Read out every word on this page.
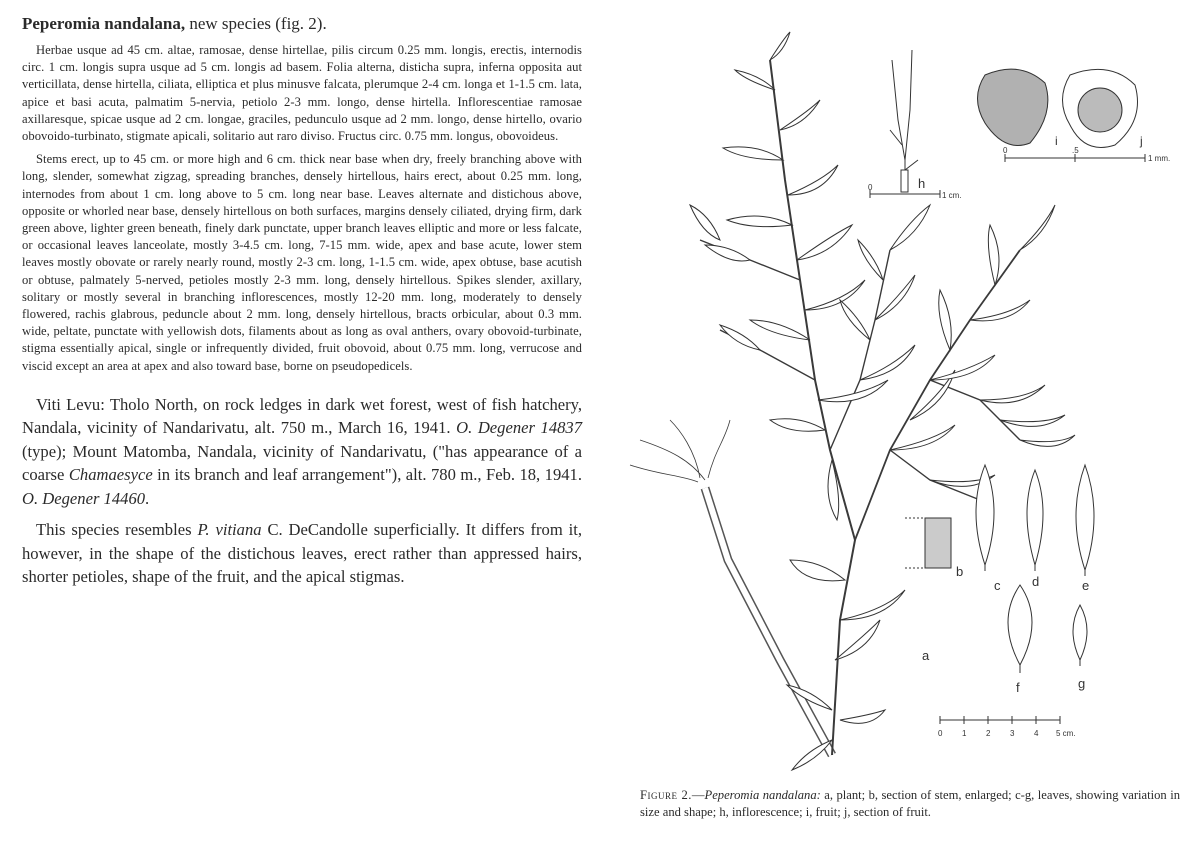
Peperomia nandalana, new species (fig. 2).

Herbae usque ad 45 cm. altae, ramosae, dense hirtellae, pilis circum 0.25 mm. longis, erectis, internodis circ. 1 cm. longis supra usque ad 5 cm. longis ad basem. Folia alterna, disticha supra, inferna opposita aut verticillata, dense hirtella, ciliata, elliptica et plus minusve falcata, plerumque 2-4 cm. longa et 1-1.5 cm. lata, apice et basi acuta, palmatim 5-nervia, petiolo 2-3 mm. longo, dense hirtella. Inflorescentiae ramosae axillaresque, spicae usque ad 2 cm. longae, graciles, pedunculo usque ad 2 mm. longo, dense hirtello, ovario obovoido-turbinato, stigmate apicali, solitario aut raro diviso. Fructus circ. 0.75 mm. longus, obovoideus.

Stems erect, up to 45 cm. or more high and 6 cm. thick near base when dry, freely branching above with long, slender, somewhat zigzag, spreading branches, densely hirtellous, hairs erect, about 0.25 mm. long, internodes from about 1 cm. long above to 5 cm. long near base. Leaves alternate and distichous above, opposite or whorled near base, densely hirtellous on both surfaces, margins densely ciliated, drying firm, dark green above, lighter green beneath, finely dark punctate, upper branch leaves elliptic and more or less falcate, or occasional leaves lanceolate, mostly 3-4.5 cm. long, 7-15 mm. wide, apex and base acute, lower stem leaves mostly obovate or rarely nearly round, mostly 2-3 cm. long, 1-1.5 cm. wide, apex obtuse, base acutish or obtuse, palmately 5-nerved, petioles mostly 2-3 mm. long, densely hirtellous. Spikes slender, axillary, solitary or mostly several in branching inflorescences, mostly 12-20 mm. long, moderately to densely flowered, rachis glabrous, peduncle about 2 mm. long, densely hirtellous, bracts orbicular, about 0.3 mm. wide, peltate, punctate with yellowish dots, filaments about as long as oval anthers, ovary obovoid-turbinate, stigma essentially apical, single or infrequently divided, fruit obovoid, about 0.75 mm. long, verrucose and viscid except an area at apex and also toward base, borne on pseudopedicels.

Viti Levu: Tholo North, on rock ledges in dark wet forest, west of fish hatchery, Nandala, vicinity of Nandarivatu, alt. 750 m., March 16, 1941. O. Degener 14837 (type); Mount Matomba, Nandala, vicinity of Nandarivatu, ("has appearance of a coarse Chamaesyce in its branch and leaf arrangement"), alt. 780 m., Feb. 18, 1941. O. Degener 14460.

This species resembles P. vitiana C. DeCandolle superficially. It differs from it, however, in the shape of the distichous leaves, erect rather than appressed hairs, shorter petioles, shape of the fruit, and the apical stigmas.	b
a
c d	e
f	g
0 1 2 3 4 5 cm.
h
0
1 cm.
i	j
0	.5
1 mm.

Figure 2.—Peperomia nandalana: a, plant; b, section of stem, enlarged; c-g, leaves, showing variation in size and shape; h, inflorescence; i, fruit; j, section of fruit.
